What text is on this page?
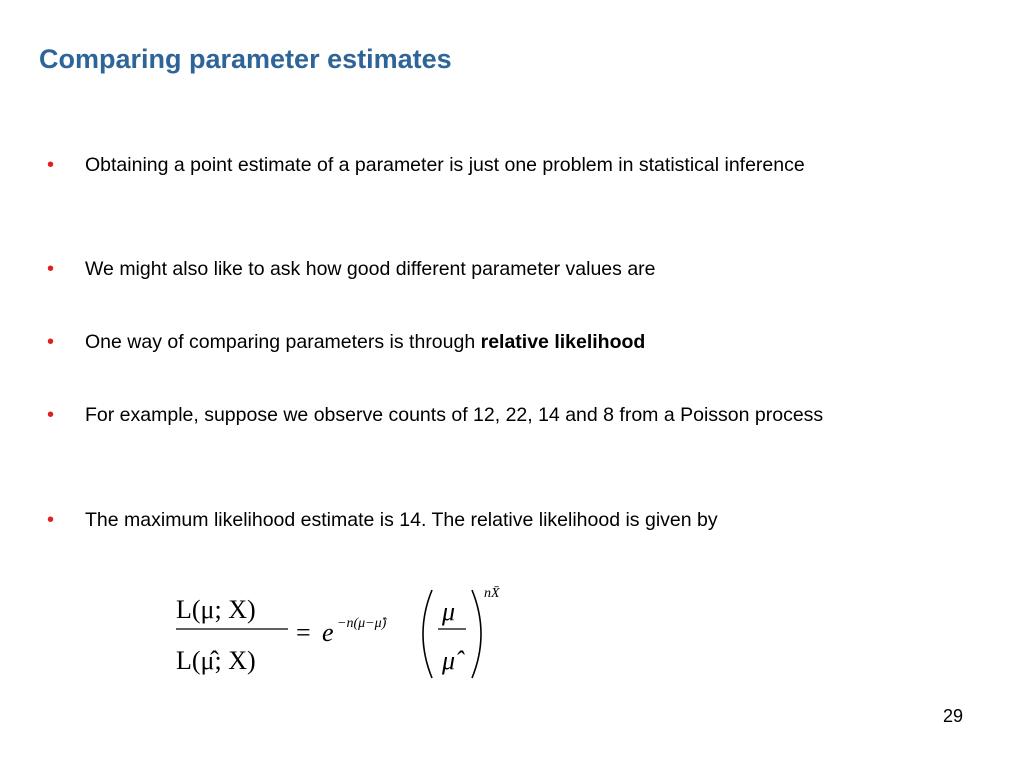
Comparing parameter estimates
• Obtaining a point estimate of a parameter is just one problem in statistical inference
• We might also like to ask how good different parameter values are
• One way of comparing parameters is through relative likelihood
• For example, suppose we observe counts of 12, 22, 14 and 8 from a Poisson process
• The maximum likelihood estimate is 14. The relative likelihood is given by
L(μ; X)
L(μ̂; X)
= e −n(μ−μ̂) μ
μ̂
nX̄
29
